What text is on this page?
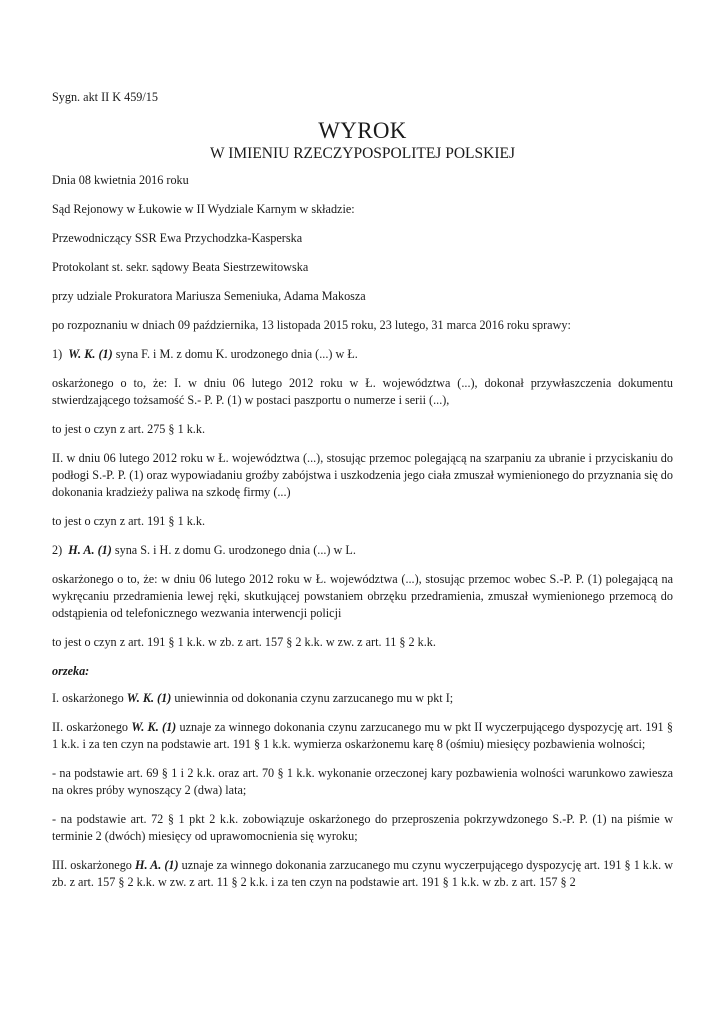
Sygn. akt II K 459/15

WYROK
W IMIENIU RZECZYPOSPOLITEJ POLSKIEJ

Dnia 08 kwietnia 2016 roku

Sąd Rejonowy w Łukowie w II Wydziale Karnym w składzie:

Przewodniczący SSR Ewa Przychodzka-Kasperska

Protokolant st. sekr. sądowy Beata Siestrzewitowska

przy udziale Prokuratora Mariusza Semeniuka, Adama Makosza

po rozpoznaniu w dniach 09 października, 13 listopada 2015 roku, 23 lutego, 31 marca 2016 roku sprawy:

1) W. K. (1) syna F. i M. z domu K. urodzonego dnia (...) w Ł.

oskarżonego o to, że: I. w dniu 06 lutego 2012 roku w Ł. województwa (...), dokonał przywłaszczenia dokumentu stwierdzającego tożsamość S.- P. P. (1) w postaci paszportu o numerze i serii (...),

to jest o czyn z art. 275 § 1 k.k.

II. w dniu 06 lutego 2012 roku w Ł. województwa (...), stosując przemoc polegającą na szarpaniu za ubranie i przyciskaniu do podłogi S.-P. P. (1) oraz wypowiadaniu groźby zabójstwa i uszkodzenia jego ciała zmuszał wymienionego do przyznania się do dokonania kradzieży paliwa na szkodę firmy (...)

to jest o czyn z art. 191 § 1 k.k.

2) H. A. (1) syna S. i H. z domu G. urodzonego dnia (...) w L.

oskarżonego o to, że: w dniu 06 lutego 2012 roku w Ł. województwa (...), stosując przemoc wobec S.-P. P. (1) polegającą na wykręcaniu przedramienia lewej ręki, skutkującej powstaniem obrzęku przedramienia, zmuszał wymienionego przemocą do odstąpienia od telefonicznego wezwania interwencji policji

to jest o czyn z art. 191 § 1 k.k. w zb. z art. 157 § 2 k.k. w zw. z art. 11 § 2 k.k.

orzeka:

I. oskarżonego W. K. (1) uniewinnia od dokonania czynu zarzucanego mu w pkt I;

II. oskarżonego W. K. (1) uznaje za winnego dokonania czynu zarzucanego mu w pkt II wyczerpującego dyspozycję art. 191 § 1 k.k. i za ten czyn na podstawie art. 191 § 1 k.k. wymierza oskarżonemu karę 8 (ośmiu) miesięcy pozbawienia wolności;

- na podstawie art. 69 § 1 i 2 k.k. oraz art. 70 § 1 k.k. wykonanie orzeczonej kary pozbawienia wolności warunkowo zawiesza na okres próby wynoszący 2 (dwa) lata;

- na podstawie art. 72 § 1 pkt 2 k.k. zobowiązuje oskarżonego do przeproszenia pokrzywdzonego S.-P. P. (1) na piśmie w terminie 2 (dwóch) miesięcy od uprawomocnienia się wyroku;

III. oskarżonego H. A. (1) uznaje za winnego dokonania zarzucanego mu czynu wyczerpującego dyspozycję art. 191 § 1 k.k. w zb. z art. 157 § 2 k.k. w zw. z art. 11 § 2 k.k. i za ten czyn na podstawie art. 191 § 1 k.k. w zb. z art. 157 § 2
